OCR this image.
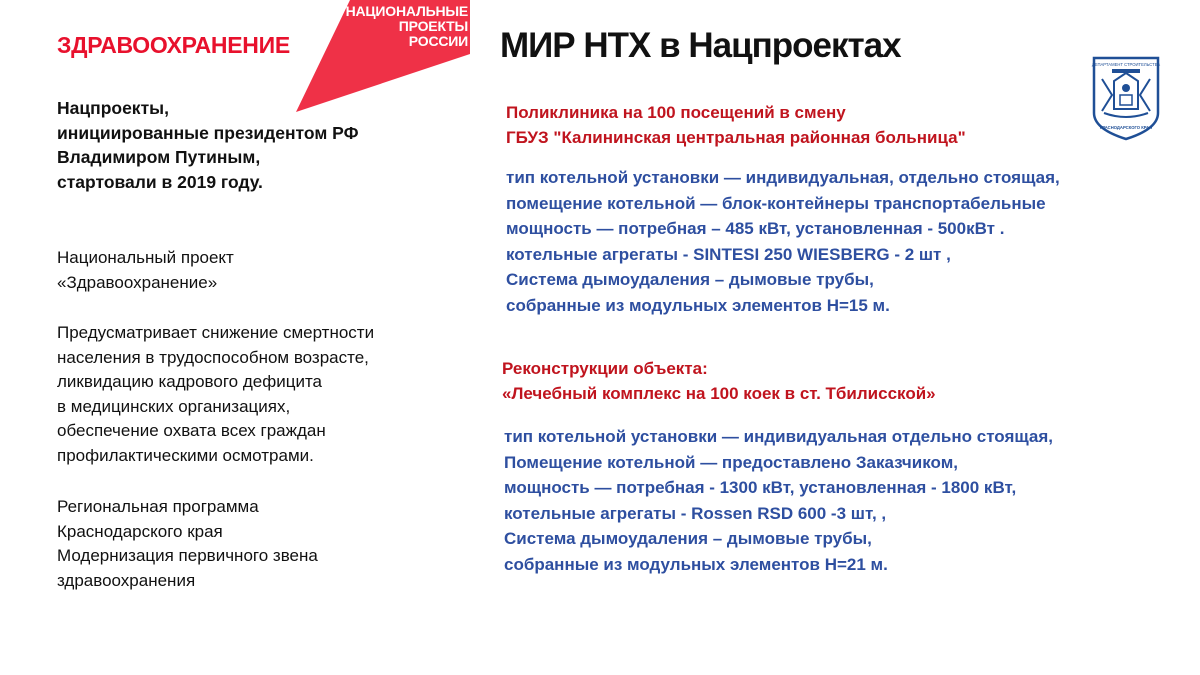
ЗДРАВООХРАНЕНИЕ
НАЦИОНАЛЬНЫЕ
ПРОЕКТЫ
РОССИИ МИР НТХ в Нацпроектах	ДЕПАРТАМЕНТ СТРОИТЕЛЬСТВА
КРАСНОДАРСКОГО КРАЯ
Нацпроекты,
инициированные президентом РФ
Владимиром Путиным,
стартовали в 2019 году.
Национальный проект
«Здравоохранение»
Предусматривает снижение смертности
населения в трудоспособном возрасте,
ликвидацию кадрового дефицита
в медицинских организациях,
обеспечение охвата всех граждан
профилактическими осмотрами.
Региональная программа
Краснодарского края
Модернизация первичного звена
здравоохранения
Поликлиника на 100 посещений в смену
ГБУЗ "Калининская центральная районная больница"
тип котельной установки — индивидуальная, отдельно стоящая,
помещение котельной — блок-контейнеры транспортабельные
мощность — потребная – 485 кВт, установленная - 500кВт .
котельные агрегаты - SINTESI 250 WIESBERG - 2 шт ,
Система дымоудаления – дымовые трубы,
собранные из модульных элементов Н=15 м.
Реконструкции объекта:
«Лечебный комплекс на 100 коек в ст. Тбилисской»
тип котельной установки — индивидуальная отдельно стоящая,
Помещение котельной — предоставлено Заказчиком,
мощность — потребная - 1300 кВт, установленная - 1800 кВт,
котельные агрегаты - Rossen RSD 600 -3 шт, ,
Система дымоудаления – дымовые трубы,
собранные из модульных элементов Н=21 м.
